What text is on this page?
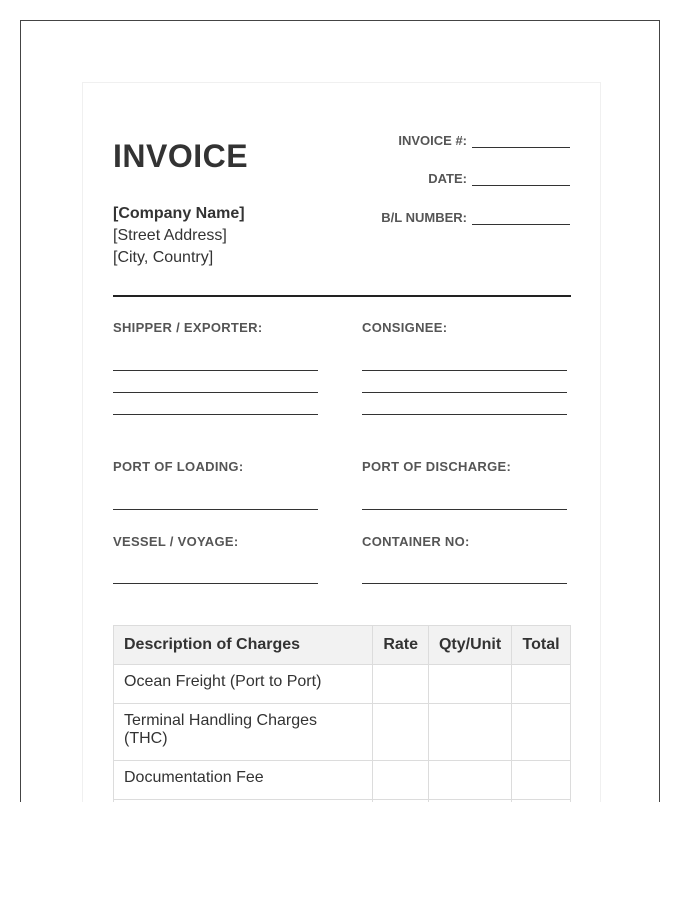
INVOICE
[Company Name]
[Street Address]
[City, Country]
INVOICE #:
DATE:
B/L NUMBER:
SHIPPER / EXPORTER:	CONSIGNEE:
PORT OF LOADING:	PORT OF DISCHARGE:
VESSEL / VOYAGE:	CONTAINER NO:
Description of Charges	Rate	Qty/Unit	Total
Ocean Freight (Port to Port)			
Terminal Handling Charges (THC)			
Documentation Fee			
